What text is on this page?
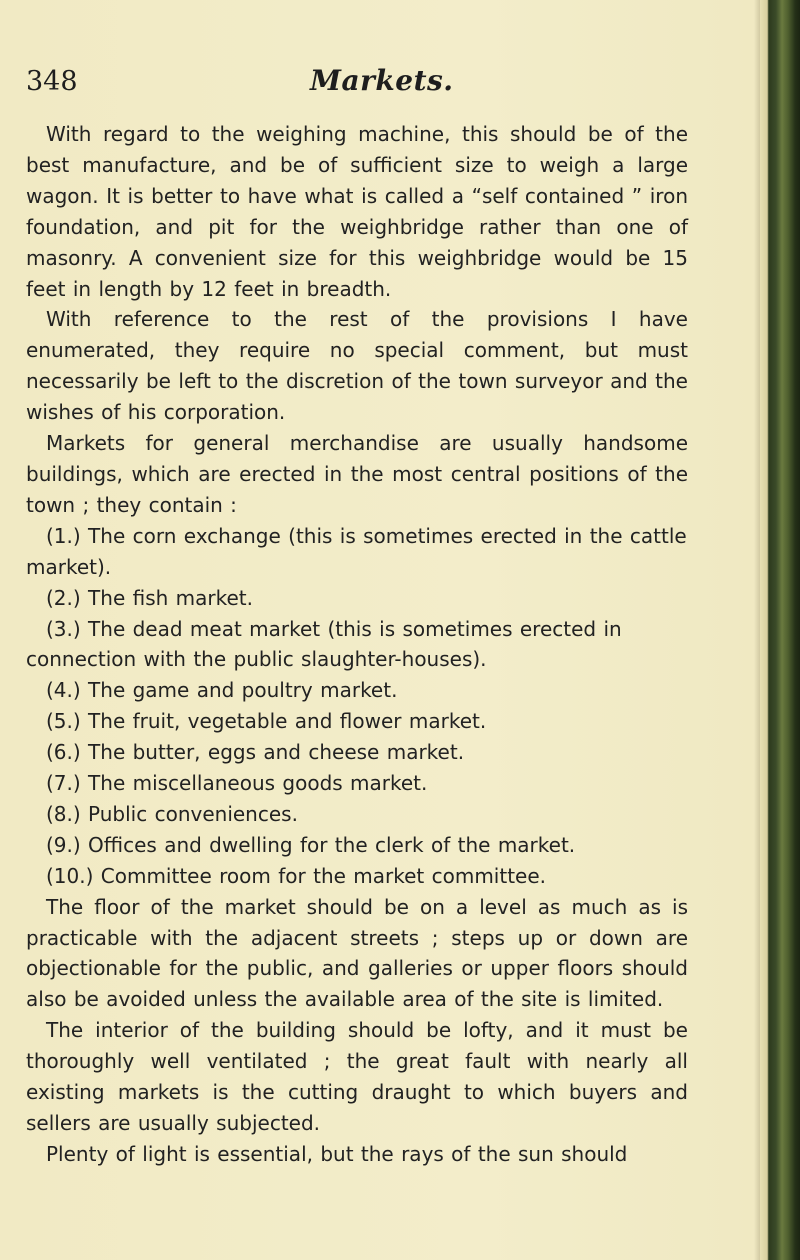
348	Markets.

With regard to the weighing machine, this should be of the best manufacture, and be of sufficient size to weigh a large wagon. It is better to have what is called a “self contained ” iron foundation, and pit for the weighbridge rather than one of masonry. A convenient size for this weighbridge would be 15 feet in length by 12 feet in breadth.

With reference to the rest of the provisions I have enumerated, they require no special comment, but must necessarily be left to the discretion of the town surveyor and the wishes of his corporation.

Markets for general merchandise are usually handsome buildings, which are erected in the most central positions of the town ; they contain :

(1.) The corn exchange (this is sometimes erected in the cattle market).

(2.) The fish market.

(3.) The dead meat market (this is sometimes erected in connection with the public slaughter-houses).

(4.) The game and poultry market.

(5.) The fruit, vegetable and flower market.

(6.) The butter, eggs and cheese market.

(7.) The miscellaneous goods market.

(8.) Public conveniences.

(9.) Offices and dwelling for the clerk of the market.

(10.) Committee room for the market committee.

The floor of the market should be on a level as much as is practicable with the adjacent streets ; steps up or down are objectionable for the public, and galleries or upper floors should also be avoided unless the available area of the site is limited.

The interior of the building should be lofty, and it must be thoroughly well ventilated ; the great fault with nearly all existing markets is the cutting draught to which buyers and sellers are usually subjected.

Plenty of light is essential, but the rays of the sun should
